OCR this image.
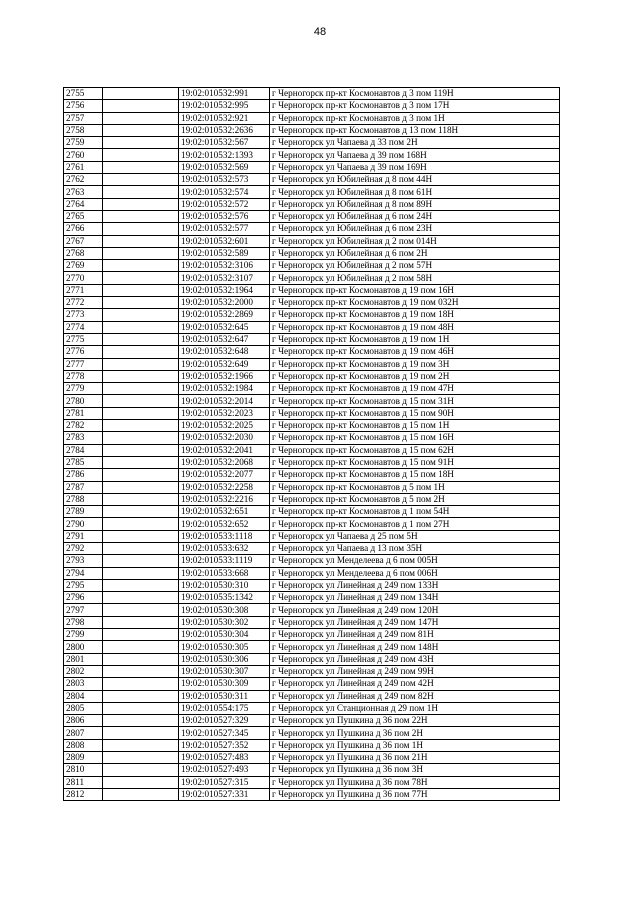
48
2755		19:02:010532:991	г Черногорск пр-кт Космонавтов д 3 пом 119Н
2756		19:02:010532:995	г Черногорск пр-кт Космонавтов д 3 пом 17Н
2757		19:02:010532:921	г Черногорск пр-кт Космонавтов д 3 пом 1Н
2758		19:02:010532:2636	г Черногорск пр-кт Космонавтов д 13 пом 118Н
2759		19:02:010532:567	г Черногорск ул Чапаева д 33 пом 2Н
2760		19:02:010532:1393	г Черногорск ул Чапаева д 39 пом 168Н
2761		19:02:010532:569	г Черногорск ул Чапаева д 39 пом 169Н
2762		19:02:010532:573	г Черногорск ул Юбилейная д 8 пом 44Н
2763		19:02:010532:574	г Черногорск ул Юбилейная д 8 пом 61Н
2764		19:02:010532:572	г Черногорск ул Юбилейная д 8 пом 89Н
2765		19:02:010532:576	г Черногорск ул Юбилейная д 6 пом 24Н
2766		19:02:010532:577	г Черногорск ул Юбилейная д 6 пом 23Н
2767		19:02:010532:601	г Черногорск ул Юбилейная д 2 пом 014Н
2768		19:02:010532:589	г Черногорск ул Юбилейная д 6 пом 2Н
2769		19:02:010532:3106	г Черногорск ул Юбилейная д 2 пом 57Н
2770		19:02:010532:3107	г Черногорск ул Юбилейная д 2 пом 58Н
2771		19:02:010532:1964	г Черногорск пр-кт Космонавтов д 19 пом 16Н
2772		19:02:010532:2000	г Черногорск пр-кт Космонавтов д 19 пом 032Н
2773		19:02:010532:2869	г Черногорск пр-кт Космонавтов д 19 пом 18Н
2774		19:02:010532:645	г Черногорск пр-кт Космонавтов д 19 пом 48Н
2775		19:02:010532:647	г Черногорск пр-кт Космонавтов д 19 пом 1Н
2776		19:02:010532:648	г Черногорск пр-кт Космонавтов д 19 пом 46Н
2777		19:02:010532:649	г Черногорск пр-кт Космонавтов д 19 пом 3Н
2778		19:02:010532:1966	г Черногорск пр-кт Космонавтов д 19 пом 2Н
2779		19:02:010532:1984	г Черногорск пр-кт Космонавтов д 19 пом 47Н
2780		19:02:010532:2014	г Черногорск пр-кт Космонавтов д 15 пом 31Н
2781		19:02:010532:2023	г Черногорск пр-кт Космонавтов д 15 пом 90Н
2782		19:02:010532:2025	г Черногорск пр-кт Космонавтов д 15 пом 1Н
2783		19:02:010532:2030	г Черногорск пр-кт Космонавтов д 15 пом 16Н
2784		19:02:010532:2041	г Черногорск пр-кт Космонавтов д 15 пом 62Н
2785		19:02:010532:2068	г Черногорск пр-кт Космонавтов д 15 пом 91Н
2786		19:02:010532:2077	г Черногорск пр-кт Космонавтов д 15 пом 18Н
2787		19:02:010532:2258	г Черногорск пр-кт Космонавтов д 5 пом 1Н
2788		19:02:010532:2216	г Черногорск пр-кт Космонавтов д 5 пом 2Н
2789		19:02:010532:651	г Черногорск пр-кт Космонавтов д 1 пом 54Н
2790		19:02:010532:652	г Черногорск пр-кт Космонавтов д 1 пом 27Н
2791		19:02:010533:1118	г Черногорск ул Чапаева д 25 пом 5Н
2792		19:02:010533:632	г Черногорск ул Чапаева д 13 пом 35Н
2793		19:02:010533:1119	г Черногорск ул Менделеева д 6 пом 005Н
2794		19:02:010533:668	г Черногорск ул Менделеева д 6 пом 006Н
2795		19:02:010530:310	г Черногорск ул Линейная д 249 пом 133Н
2796		19:02:010535:1342	г Черногорск ул Линейная д 249 пом 134Н
2797		19:02:010530:308	г Черногорск ул Линейная д 249 пом 120Н
2798		19:02:010530:302	г Черногорск ул Линейная д 249 пом 147Н
2799		19:02:010530:304	г Черногорск ул Линейная д 249 пом 81Н
2800		19:02:010530:305	г Черногорск ул Линейная д 249 пом 148Н
2801		19:02:010530:306	г Черногорск ул Линейная д 249 пом 43Н
2802		19:02:010530:307	г Черногорск ул Линейная д 249 пом 99Н
2803		19:02:010530:309	г Черногорск ул Линейная д 249 пом 42Н
2804		19:02:010530:311	г Черногорск ул Линейная д 249 пом 82Н
2805		19:02:010554:175	г Черногорск ул Станционная д 29 пом 1Н
2806		19:02:010527:329	г Черногорск ул Пушкина д 36 пом 22Н
2807		19:02:010527:345	г Черногорск ул Пушкина д 36 пом 2Н
2808		19:02:010527:352	г Черногорск ул Пушкина д 36 пом 1Н
2809		19:02:010527:483	г Черногорск ул Пушкина д 36 пом 21Н
2810		19:02:010527:493	г Черногорск ул Пушкина д 36 пом 3Н
2811		19:02:010527:315	г Черногорск ул Пушкина д 36 пом 78Н
2812		19:02:010527:331	г Черногорск ул Пушкина д 36 пом 77Н
